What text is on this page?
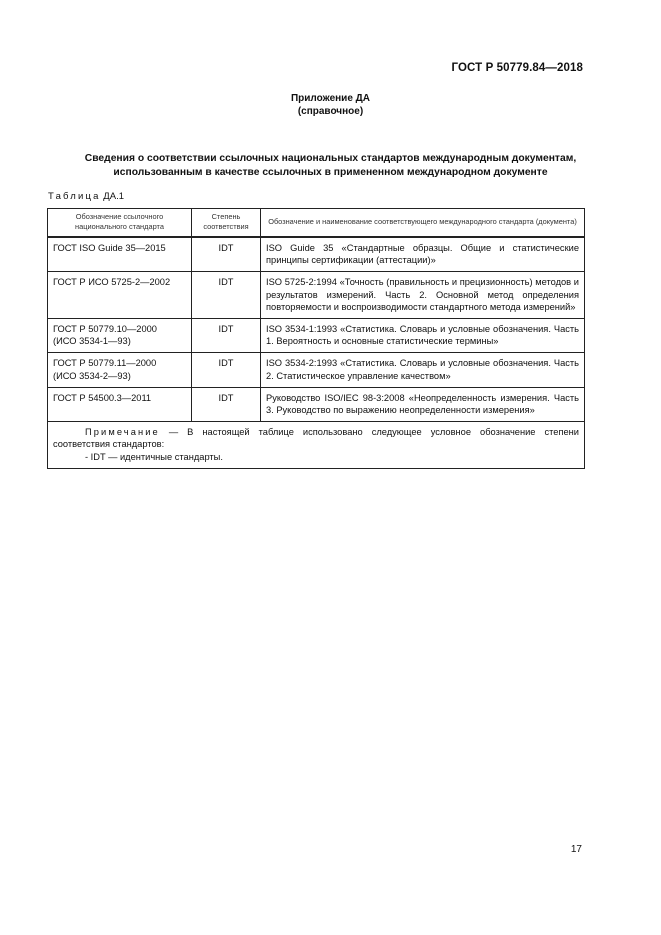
ГОСТ Р 50779.84—2018
Приложение ДА
(справочное)
Сведения о соответствии ссылочных национальных стандартов международным документам,
использованным в качестве ссылочных в примененном международном документе
Таблица ДА.1
Обозначение ссылочного национального стандарта	Степень соответствия	Обозначение и наименование соответствующего международного стандарта (документа)
ГОСТ ISO Guide 35—2015	IDT	ISO Guide 35 «Стандартные образцы. Общие и статистические принципы сертификации (аттестации)»
ГОСТ Р ИСО 5725-2—2002	IDT	ISO 5725-2:1994 «Точность (правильность и прецизионность) методов и результатов измерений. Часть 2. Основной метод определения повторяемости и воспроизводимости стандартного метода измерений»
ГОСТ Р 50779.10—2000
(ИСО 3534-1—93)	IDT	ISO 3534-1:1993 «Статистика. Словарь и условные обозначения. Часть 1. Вероятность и основные статистические термины»
ГОСТ Р 50779.11—2000
(ИСО 3534-2—93)	IDT	ISO 3534-2:1993 «Статистика. Словарь и условные обозначения. Часть 2. Статистическое управление качеством»
ГОСТ Р 54500.3—2011	IDT	Руководство ISO/IEC 98-3:2008 «Неопределенность измерения. Часть 3. Руководство по выражению неопределенности измерения»

Примечание — В настоящей таблице использовано следующее условное обозначение степени соответствия стандартов:
- IDT — идентичные стандарты.		
17
